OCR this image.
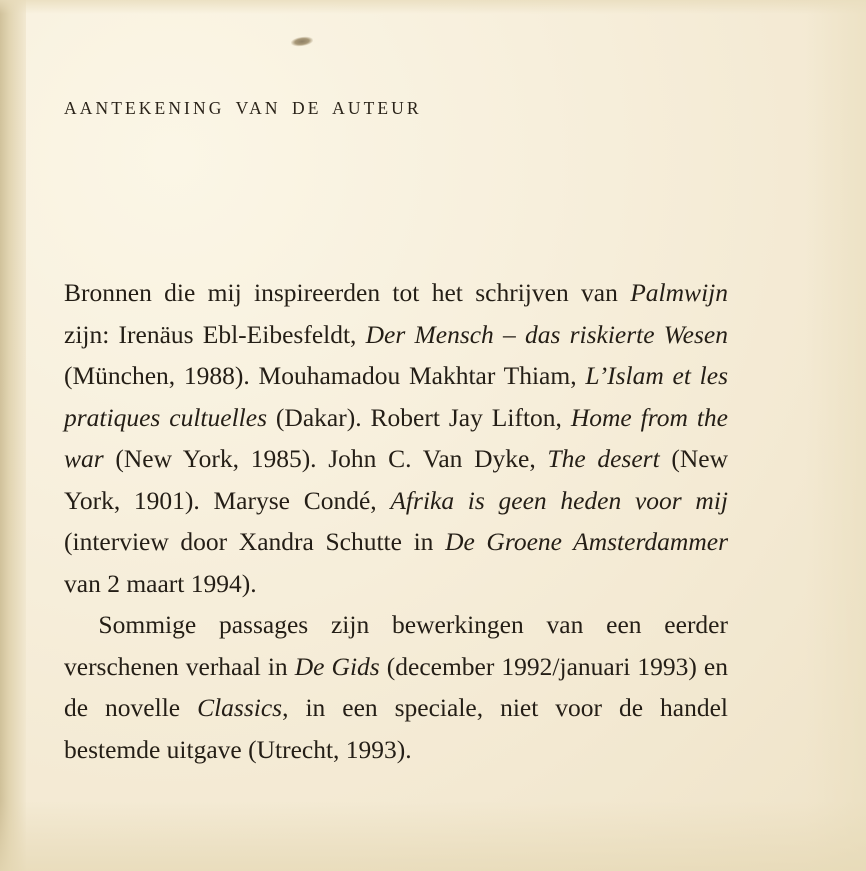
AANTEKENING VAN DE AUTEUR

Bronnen die mij inspireerden tot het schrijven van Palmwijn zijn: Irenäus Ebl-Eibesfeldt, Der Mensch – das riskierte Wesen (München, 1988). Mouhamadou Makhtar Thiam, L’Islam et les pratiques cultuelles (Dakar). Robert Jay Lifton, Home from the war (New York, 1985). John C. Van Dyke, The desert (New York, 1901). Maryse Condé, Afrika is geen heden voor mij (interview door Xandra Schutte in De Groene Amsterdammer van 2 maart 1994).

Sommige passages zijn bewerkingen van een eerder verschenen verhaal in De Gids (december 1992/januari 1993) en de novelle Classics, in een speciale, niet voor de handel bestemde uitgave (Utrecht, 1993).
